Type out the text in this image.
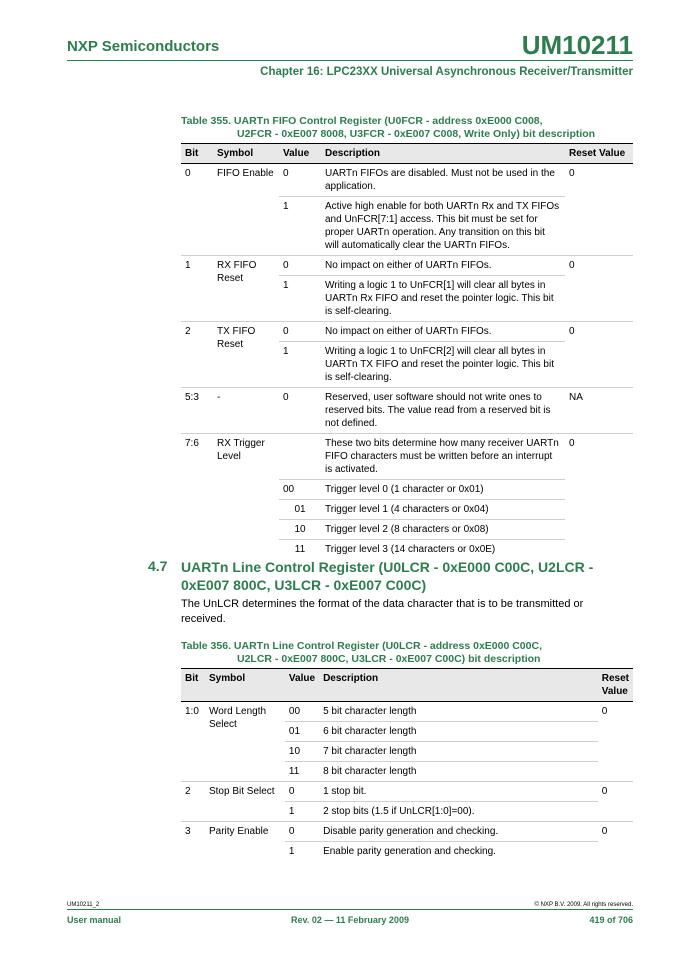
NXP Semiconductors	UM10211
Chapter 16: LPC23XX Universal Asynchronous Receiver/Transmitter
Table 355. UARTn FIFO Control Register (U0FCR - address 0xE000 C008,
U2FCR - 0xE007 8008, U3FCR - 0xE007 C008, Write Only) bit description
Bit	Symbol	Value	Description	Reset Value
0	FIFO Enable	0	UARTn FIFOs are disabled. Must not be used in the application.	0
		1	Active high enable for both UARTn Rx and TX FIFOs and UnFCR[7:1] access. This bit must be set for proper UARTn operation. Any transition on this bit will automatically clear the UARTn FIFOs.	
1	RX FIFO Reset	0	No impact on either of UARTn FIFOs.	0
		1	Writing a logic 1 to UnFCR[1] will clear all bytes in UARTn Rx FIFO and reset the pointer logic. This bit is self-clearing.	
2	TX FIFO Reset	0	No impact on either of UARTn FIFOs.	0
		1	Writing a logic 1 to UnFCR[2] will clear all bytes in UARTn TX FIFO and reset the pointer logic. This bit is self-clearing.	
5:3	-	0	Reserved, user software should not write ones to reserved bits. The value read from a reserved bit is not defined.	NA
7:6	RX Trigger Level		These two bits determine how many receiver UARTn FIFO characters must be written before an interrupt is activated.	0
		00	Trigger level 0 (1 character or 0x01)	
		01	Trigger level 1 (4 characters or 0x04)	
		10	Trigger level 2 (8 characters or 0x08)	
		11	Trigger level 3 (14 characters or 0x0E)	
4.7 UARTn Line Control Register (U0LCR - 0xE000 C00C, U2LCR - 0xE007 800C, U3LCR - 0xE007 C00C)
The UnLCR determines the format of the data character that is to be transmitted or received.
Table 356. UARTn Line Control Register (U0LCR - address 0xE000 C00C,
U2LCR - 0xE007 800C, U3LCR - 0xE007 C00C) bit description
Bit	Symbol	Value	Description	Reset Value
1:0	Word Length Select	00	5 bit character length	0
		01	6 bit character length	
		10	7 bit character length	
		11	8 bit character length	
2	Stop Bit Select	0	1 stop bit.	0
		1	2 stop bits (1.5 if UnLCR[1:0]=00).	
3	Parity Enable	0	Disable parity generation and checking.	0
		1	Enable parity generation and checking.	
UM10211_2	© NXP B.V. 2009. All rights reserved.
User manual	Rev. 02 — 11 February 2009	419 of 706
